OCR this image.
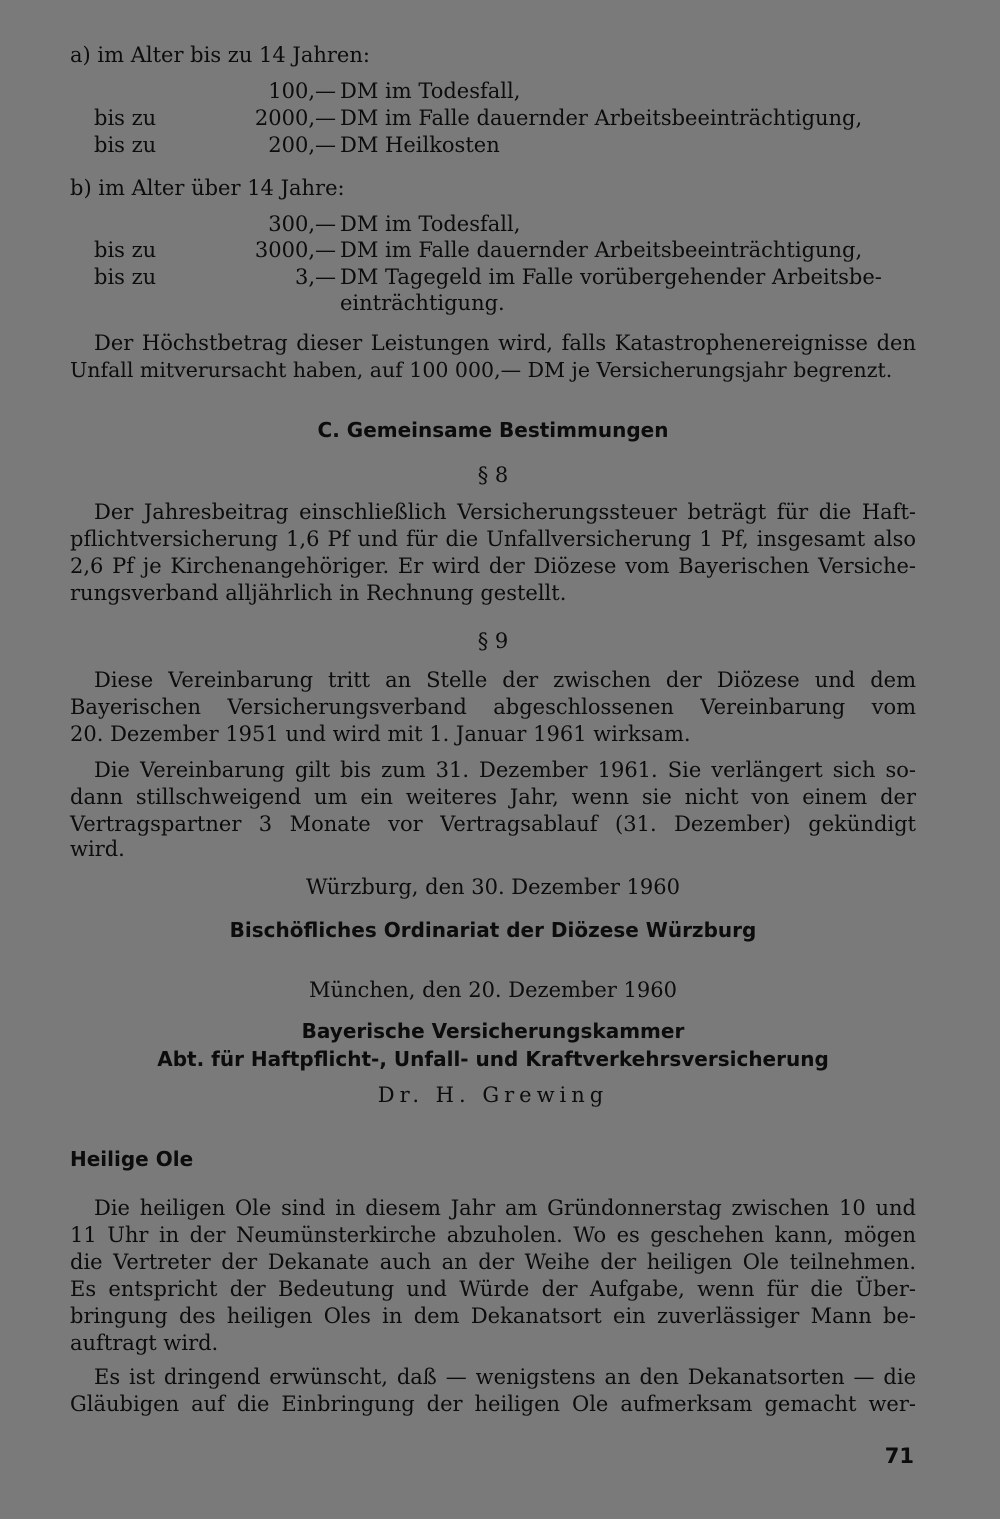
a) im Alter bis zu 14 Jahren:
100,— DM im Todesfall,
bis zu	2000,— DM im Falle dauernder Arbeitsbeeinträchtigung,
bis zu	200,— DM Heilkosten
b) im Alter über 14 Jahre:
300,— DM im Todesfall,
bis zu	3000,— DM im Falle dauernder Arbeitsbeeinträchtigung,
bis zu	3,— DM Tagegeld im Falle vorübergehender Arbeitsbe-
einträchtigung.
Der Höchstbetrag dieser Leistungen wird, falls Katastrophenereignisse den
Unfall mitverursacht haben, auf 100 000,— DM je Versicherungsjahr begrenzt.
C. Gemeinsame Bestimmungen
§ 8
Der Jahresbeitrag einschließlich Versicherungssteuer beträgt für die Haft-
pflichtversicherung 1,6 Pf und für die Unfallversicherung 1 Pf, insgesamt also
2,6 Pf je Kirchenangehöriger. Er wird der Diözese vom Bayerischen Versiche-
rungsverband alljährlich in Rechnung gestellt.
§ 9
Diese Vereinbarung tritt an Stelle der zwischen der Diözese und dem
Bayerischen Versicherungsverband abgeschlossenen Vereinbarung vom
20. Dezember 1951 und wird mit 1. Januar 1961 wirksam.
Die Vereinbarung gilt bis zum 31. Dezember 1961. Sie verlängert sich so-
dann stillschweigend um ein weiteres Jahr, wenn sie nicht von einem der
Vertragspartner 3 Monate vor Vertragsablauf (31. Dezember) gekündigt
wird.
Würzburg, den 30. Dezember 1960
Bischöfliches Ordinariat der Diözese Würzburg
München, den 20. Dezember 1960
Bayerische Versicherungskammer
Abt. für Haftpflicht-, Unfall- und Kraftverkehrsversicherung
Dr. H. Grewing
Heilige Ole
Die heiligen Ole sind in diesem Jahr am Gründonnerstag zwischen 10 und
11 Uhr in der Neumünsterkirche abzuholen. Wo es geschehen kann, mögen
die Vertreter der Dekanate auch an der Weihe der heiligen Ole teilnehmen.
Es entspricht der Bedeutung und Würde der Aufgabe, wenn für die Über-
bringung des heiligen Oles in dem Dekanatsort ein zuverlässiger Mann be-
auftragt wird.
Es ist dringend erwünscht, daß — wenigstens an den Dekanatsorten — die
Gläubigen auf die Einbringung der heiligen Ole aufmerksam gemacht wer-
71
